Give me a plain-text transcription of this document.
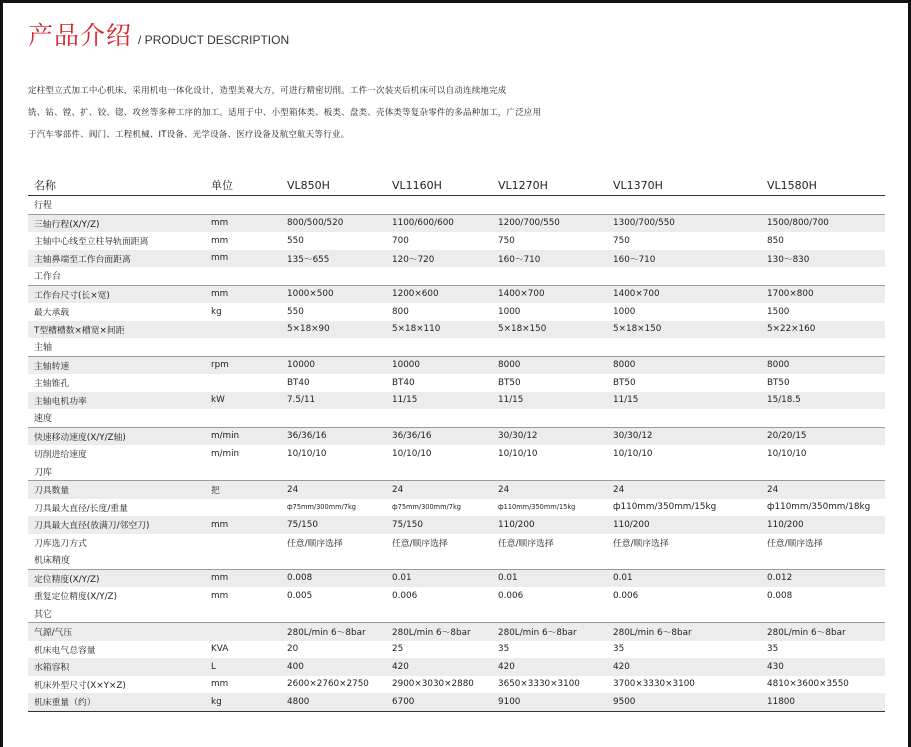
产品介绍 / PRODUCT DESCRIPTION

定柱型立式加工中心机床，采用机电一体化设计，造型美观大方，可进行精密切削。工件一次装夹后机床可以自动连续地完成

铣、钻、镗、扩、铰、锪、攻丝等多种工序的加工。适用于中、小型箱体类、板类、盘类、壳体类等复杂零件的多品种加工，广泛应用

于汽车零部件、阀门、工程机械、IT设备、光学设备、医疗设备及航空航天等行业。

名称	单位	VL850H	VL1160H	VL1270H	VL1370H	VL1580H
行程						
三轴行程(X/Y/Z)	mm	800/500/520	1100/600/600	1200/700/550	1300/700/550	1500/800/700
主轴中心线至立柱导轨面距离	mm	550	700	750	750	850
主轴鼻端至工作台面距离	mm	135～655	120～720	160～710	160～710	130～830
工作台						
工作台尺寸(长×宽)	mm	1000×500	1200×600	1400×700	1400×700	1700×800
最大承载	kg	550	800	1000	1000	1500
T型槽槽数×槽宽×间距		5×18×90	5×18×110	5×18×150	5×18×150	5×22×160
主轴						
主轴转速	rpm	10000	10000	8000	8000	8000
主轴锥孔		BT40	BT40	BT50	BT50	BT50
主轴电机功率	kW	7.5/11	11/15	11/15	11/15	15/18.5
速度						
快速移动速度(X/Y/Z轴)	m/min	36/36/16	36/36/16	30/30/12	30/30/12	20/20/15
切削进给速度	m/min	10/10/10	10/10/10	10/10/10	10/10/10	10/10/10
刀库						
刀具数量	把	24	24	24	24	24
刀具最大直径/长度/重量		ф75mm/300mm/7kg	ф75mm/300mm/7kg	ф110mm/350mm/15kg	ф110mm/350mm/15kg	ф110mm/350mm/18kg
刀具最大直径(放满刀/邻空刀)	mm	75/150	75/150	110/200	110/200	110/200
刀库选刀方式		任意/顺序选择	任意/顺序选择	任意/顺序选择	任意/顺序选择	任意/顺序选择
机床精度						
定位精度(X/Y/Z)	mm	0.008	0.01	0.01	0.01	0.012
重复定位精度(X/Y/Z)	mm	0.005	0.006	0.006	0.006	0.008
其它						
气源/气压		280L/min 6～8bar	280L/min 6～8bar	280L/min 6～8bar	280L/min 6～8bar	280L/min 6～8bar
机床电气总容量	KVA	20	25	35	35	35
水箱容积	L	400	420	420	420	430
机床外型尺寸(X×Y×Z)	mm	2600×2760×2750	2900×3030×2880	3650×3330×3100	3700×3330×3100	4810×3600×3550
机床重量（约）	kg	4800	6700	9100	9500	11800
